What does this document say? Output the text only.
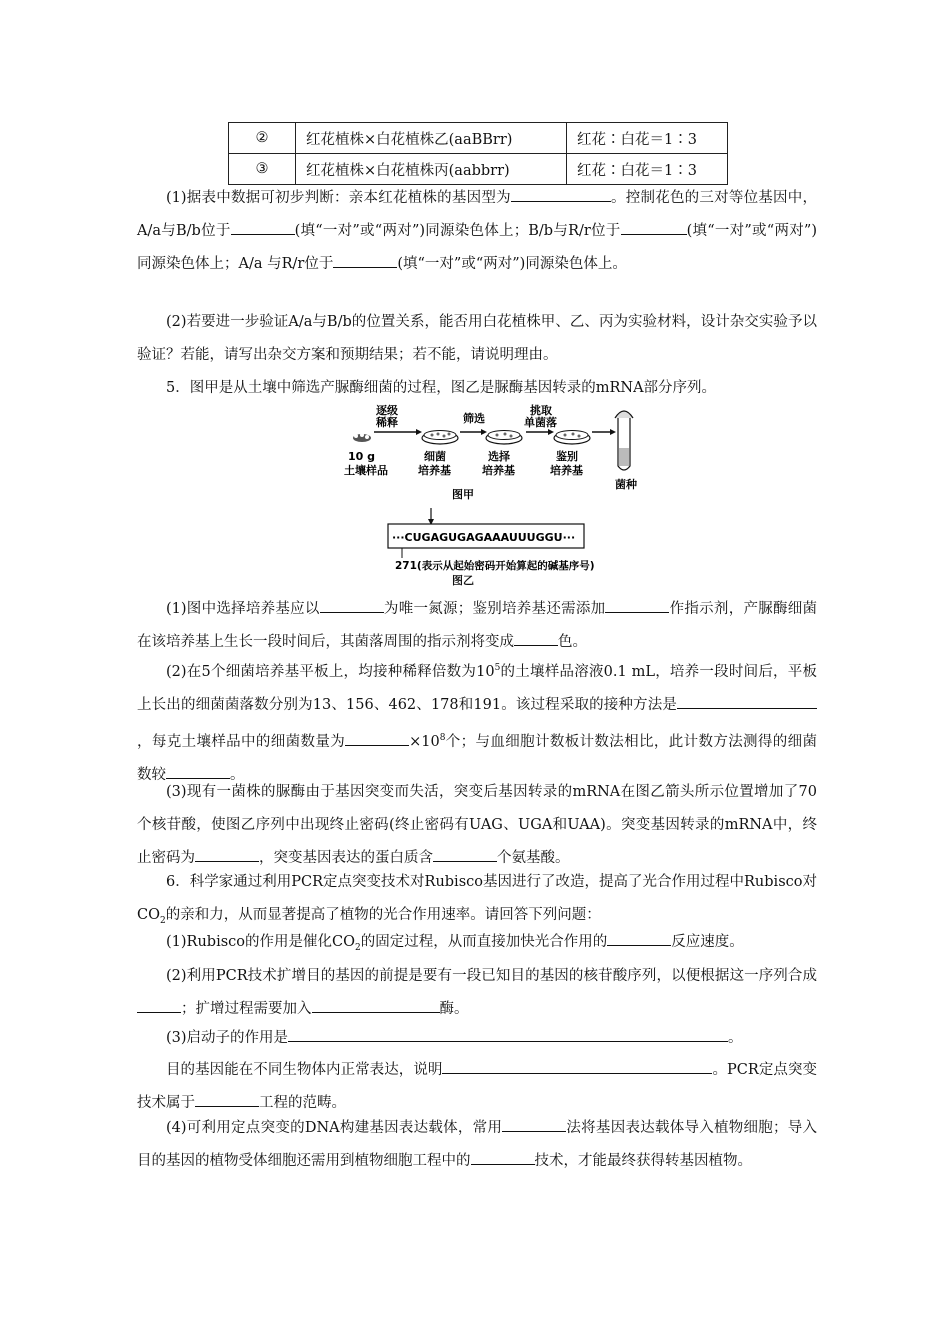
②	红花植株×白花植株乙(aaBBrr)	红花∶白花＝1∶3
③	红花植株×白花植株丙(aabbrr)	红花∶白花＝1∶3
(1)据表中数据可初步判断：亲本红花植株的基因型为	。控制花色的三对等位基因中，A/a与B/b位于	(填“一对”或“两对”)同源染色体上；B/b与R/r位于	(填“一对”或“两对”)同源染色体上；A/a 与R/r位于	(填“一对”或“两对”)同源染色体上。
(2)若要进一步验证A/a与B/b的位置关系，能否用白花植株甲、乙、丙为实验材料，设计杂交实验予以验证？若能，请写出杂交方案和预期结果；若不能，请说明理由。
5．图甲是从土壤中筛选产脲酶细菌的过程，图乙是脲酶基因转录的mRNA部分序列。
逐级
稀释
10 g
土壤样品
细菌
培养基
筛选
选择
培养基
挑取
单菌落
鉴别
培养基
菌种
图甲
···CUGAGUGAGAAAUUUGGU···
271(表示从起始密码开始算起的碱基序号)
图乙
(1)图中选择培养基应以	为唯一氮源；鉴别培养基还需添加	作指示剂，产脲酶细菌在该培养基上生长一段时间后，其菌落周围的指示剂将变成	色。
(2)在5个细菌培养基平板上，均接种稀释倍数为$10^5$的土壤样品溶液0.1 mL，培养一段时间后，平板上长出的细菌菌落数分别为13、156、462、178和191。该过程采取的接种方法是，每克土壤样品中的细菌数量为	$\times 10^8$个；与血细胞计数板计数法相比，此计数方法测得的细菌数较	。
(3)现有一菌株的脲酶由于基因突变而失活，突变后基因转录的mRNA在图乙箭头所示位置增加了70个核苷酸，使图乙序列中出现终止密码(终止密码有UAG、UGA和UAA)。突变基因转录的mRNA中，终止密码为	，突变基因表达的蛋白质含	个氨基酸。
6．科学家通过利用PCR定点突变技术对Rubisco基因进行了改造，提高了光合作用过程中Rubisco对$CO_2$的亲和力，从而显著提高了植物的光合作用速率。请回答下列问题：
(1)Rubisco的作用是催化$CO_2$的固定过程，从而直接加快光合作用的	反应速度。
(2)利用PCR技术扩增目的基因的前提是要有一段已知目的基因的核苷酸序列，以便根据这一序列合成；扩增过程需要加入	酶。
(3)启动子的作用是	。
目的基因能在不同生物体内正常表达，说明	。PCR定点突变技术属于	工程的范畴。
(4)可利用定点突变的DNA构建基因表达载体，常用	法将基因表达载体导入植物细胞；导入目的基因的植物受体细胞还需用到植物细胞工程中的	技术，才能最终获得转基因植物。
